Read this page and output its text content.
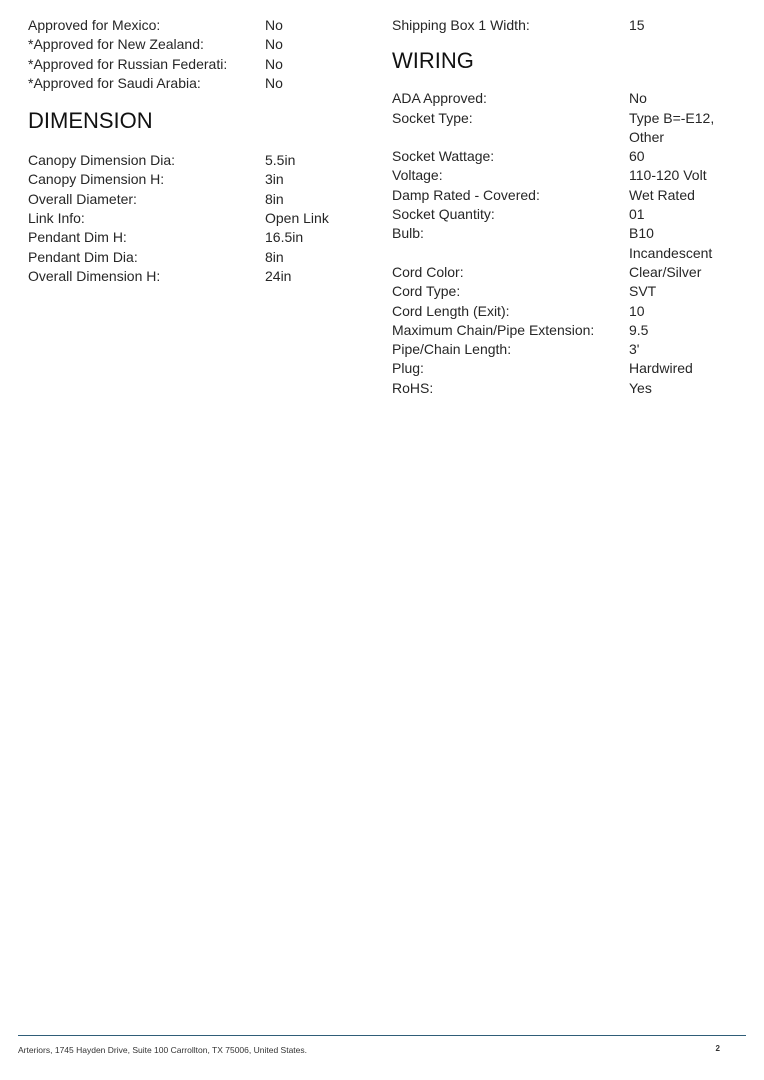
Approved for Mexico:	No
*Approved for New Zealand:	No
*Approved for Russian Federati:	No
*Approved for Saudi Arabia:	No
DIMENSION
Canopy Dimension Dia:	5.5in
Canopy Dimension H:	3in
Overall Diameter:	8in
Link Info:	Open Link
Pendant Dim H:	16.5in
Pendant Dim Dia:	8in
Overall Dimension H:	24in
Shipping Box 1 Width:	15
WIRING
ADA Approved:	No
Socket Type:	Type B=-E12,
Other
Socket Wattage:	60
Voltage:	110-120 Volt
Damp Rated - Covered:	Wet Rated
Socket Quantity:	01
Bulb:	B10
Incandescent
Cord Color:	Clear/Silver
Cord Type:	SVT
Cord Length (Exit):	10
Maximum Chain/Pipe Extension: 9.5
Pipe/Chain Length:	3'
Plug:	Hardwired
RoHS:	Yes
Arteriors, 1745 Hayden Drive, Suite 100 Carrollton, TX 75006, United States.	2
